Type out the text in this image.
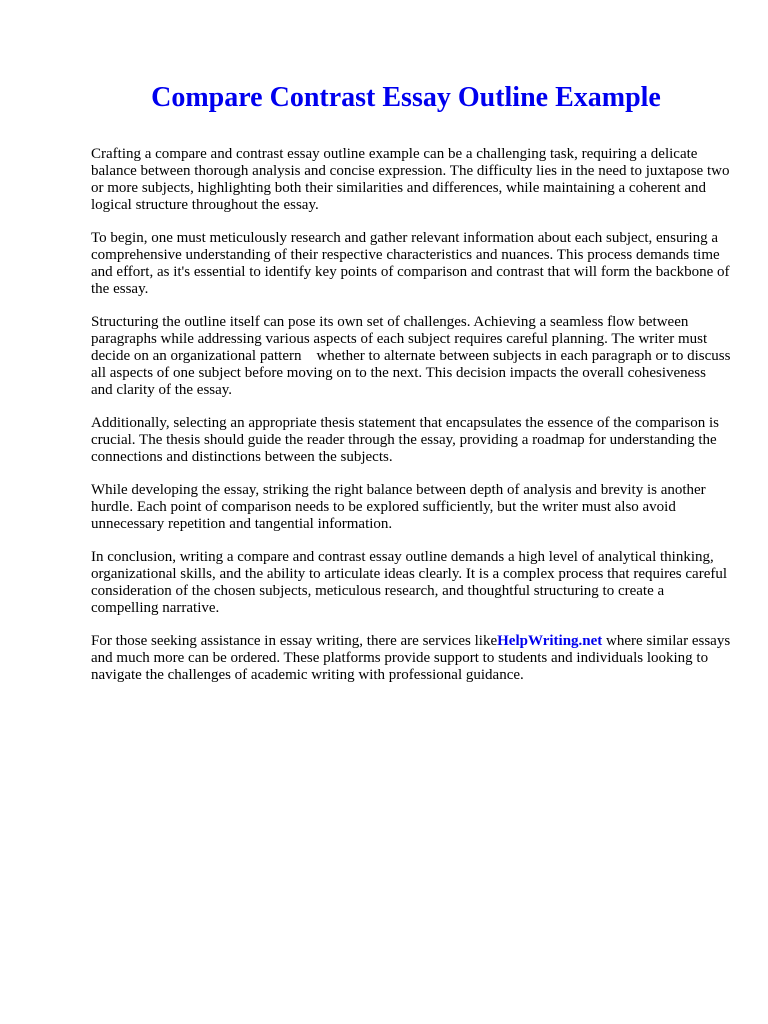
Compare Contrast Essay Outline Example

Crafting a compare and contrast essay outline example can be a challenging task, requiring a delicate balance between thorough analysis and concise expression. The difficulty lies in the need to juxtapose two or more subjects, highlighting both their similarities and differences, while maintaining a coherent and logical structure throughout the essay.

To begin, one must meticulously research and gather relevant information about each subject, ensuring a comprehensive understanding of their respective characteristics and nuances. This process demands time and effort, as it's essential to identify key points of comparison and contrast that will form the backbone of the essay.

Structuring the outline itself can pose its own set of challenges. Achieving a seamless flow between paragraphs while addressing various aspects of each subject requires careful planning. The writer must decide on an organizational pattern    whether to alternate between subjects in each paragraph or to discuss all aspects of one subject before moving on to the next. This decision impacts the overall cohesiveness and clarity of the essay.

Additionally, selecting an appropriate thesis statement that encapsulates the essence of the comparison is crucial. The thesis should guide the reader through the essay, providing a roadmap for understanding the connections and distinctions between the subjects.

While developing the essay, striking the right balance between depth of analysis and brevity is another hurdle. Each point of comparison needs to be explored sufficiently, but the writer must also avoid unnecessary repetition and tangential information.

In conclusion, writing a compare and contrast essay outline demands a high level of analytical thinking, organizational skills, and the ability to articulate ideas clearly. It is a complex process that requires careful consideration of the chosen subjects, meticulous research, and thoughtful structuring to create a compelling narrative.

For those seeking assistance in essay writing, there are services likeHelpWriting.net where similar essays and much more can be ordered. These platforms provide support to students and individuals looking to navigate the challenges of academic writing with professional guidance.
